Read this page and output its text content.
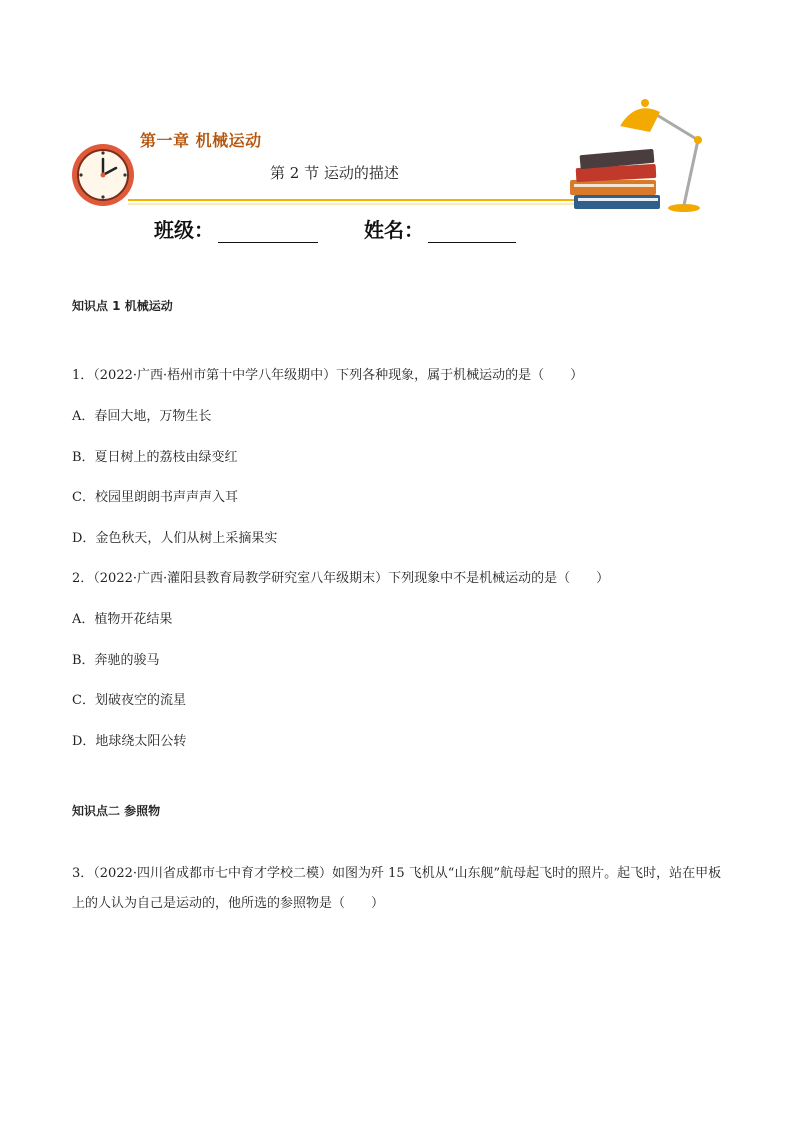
第一章 机械运动
第 2 节 运动的描述
班级：	姓名：
知识点 1 机械运动
1．（2022·广西·梧州市第十中学八年级期中）下列各种现象，属于机械运动的是（　　）
A．春回大地，万物生长
B．夏日树上的荔枝由绿变红
C．校园里朗朗书声声声入耳
D．金色秋天，人们从树上采摘果实
2．（2022·广西·灌阳县教育局教学研究室八年级期末）下列现象中不是机械运动的是（　　）
A．植物开花结果
B．奔驰的骏马
C．划破夜空的流星
D．地球绕太阳公转
知识点二 参照物
3．（2022·四川省成都市七中育才学校二模）如图为歼 15 飞机从“山东舰”航母起飞时的照片。起飞时，站在甲板上的人认为自己是运动的，他所选的参照物是（　　）
